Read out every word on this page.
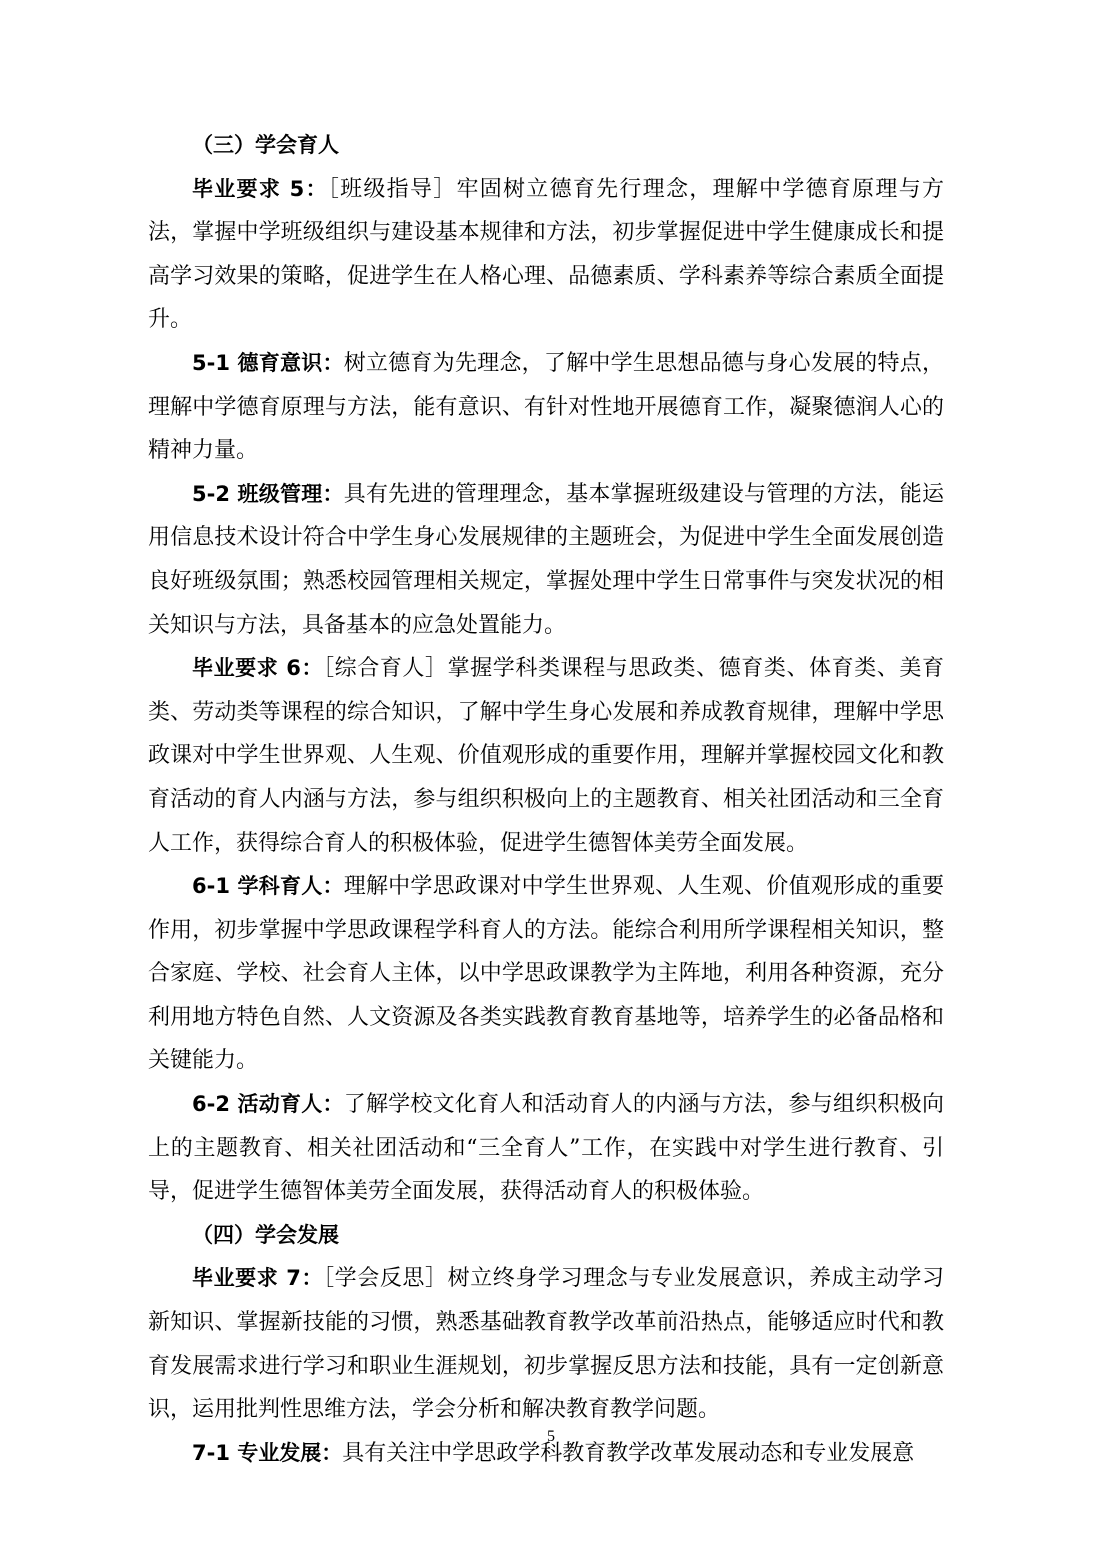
（三）学会育人

毕业要求 5：［班级指导］牢固树立德育先行理念，理解中学德育原理与方法，掌握中学班级组织与建设基本规律和方法，初步掌握促进中学生健康成长和提高学习效果的策略，促进学生在人格心理、品德素质、学科素养等综合素质全面提升。

5-1 德育意识：树立德育为先理念，了解中学生思想品德与身心发展的特点，理解中学德育原理与方法，能有意识、有针对性地开展德育工作，凝聚德润人心的精神力量。

5-2 班级管理：具有先进的管理理念，基本掌握班级建设与管理的方法，能运用信息技术设计符合中学生身心发展规律的主题班会，为促进中学生全面发展创造良好班级氛围；熟悉校园管理相关规定，掌握处理中学生日常事件与突发状况的相关知识与方法，具备基本的应急处置能力。

毕业要求 6：［综合育人］掌握学科类课程与思政类、德育类、体育类、美育类、劳动类等课程的综合知识，了解中学生身心发展和养成教育规律，理解中学思政课对中学生世界观、人生观、价值观形成的重要作用，理解并掌握校园文化和教育活动的育人内涵与方法，参与组织积极向上的主题教育、相关社团活动和三全育人工作，获得综合育人的积极体验，促进学生德智体美劳全面发展。

6-1 学科育人：理解中学思政课对中学生世界观、人生观、价值观形成的重要作用，初步掌握中学思政课程学科育人的方法。能综合利用所学课程相关知识，整合家庭、学校、社会育人主体，以中学思政课教学为主阵地，利用各种资源，充分利用地方特色自然、人文资源及各类实践教育教育基地等，培养学生的必备品格和关键能力。

6-2 活动育人：了解学校文化育人和活动育人的内涵与方法，参与组织积极向上的主题教育、相关社团活动和“三全育人”工作，在实践中对学生进行教育、引导，促进学生德智体美劳全面发展，获得活动育人的积极体验。

（四）学会发展

毕业要求 7：［学会反思］树立终身学习理念与专业发展意识，养成主动学习新知识、掌握新技能的习惯，熟悉基础教育教学改革前沿热点，能够适应时代和教育发展需求进行学习和职业生涯规划，初步掌握反思方法和技能，具有一定创新意识，运用批判性思维方法，学会分析和解决教育教学问题。

7-1 专业发展：具有关注中学思政学科教育教学改革发展动态和专业发展意

5
